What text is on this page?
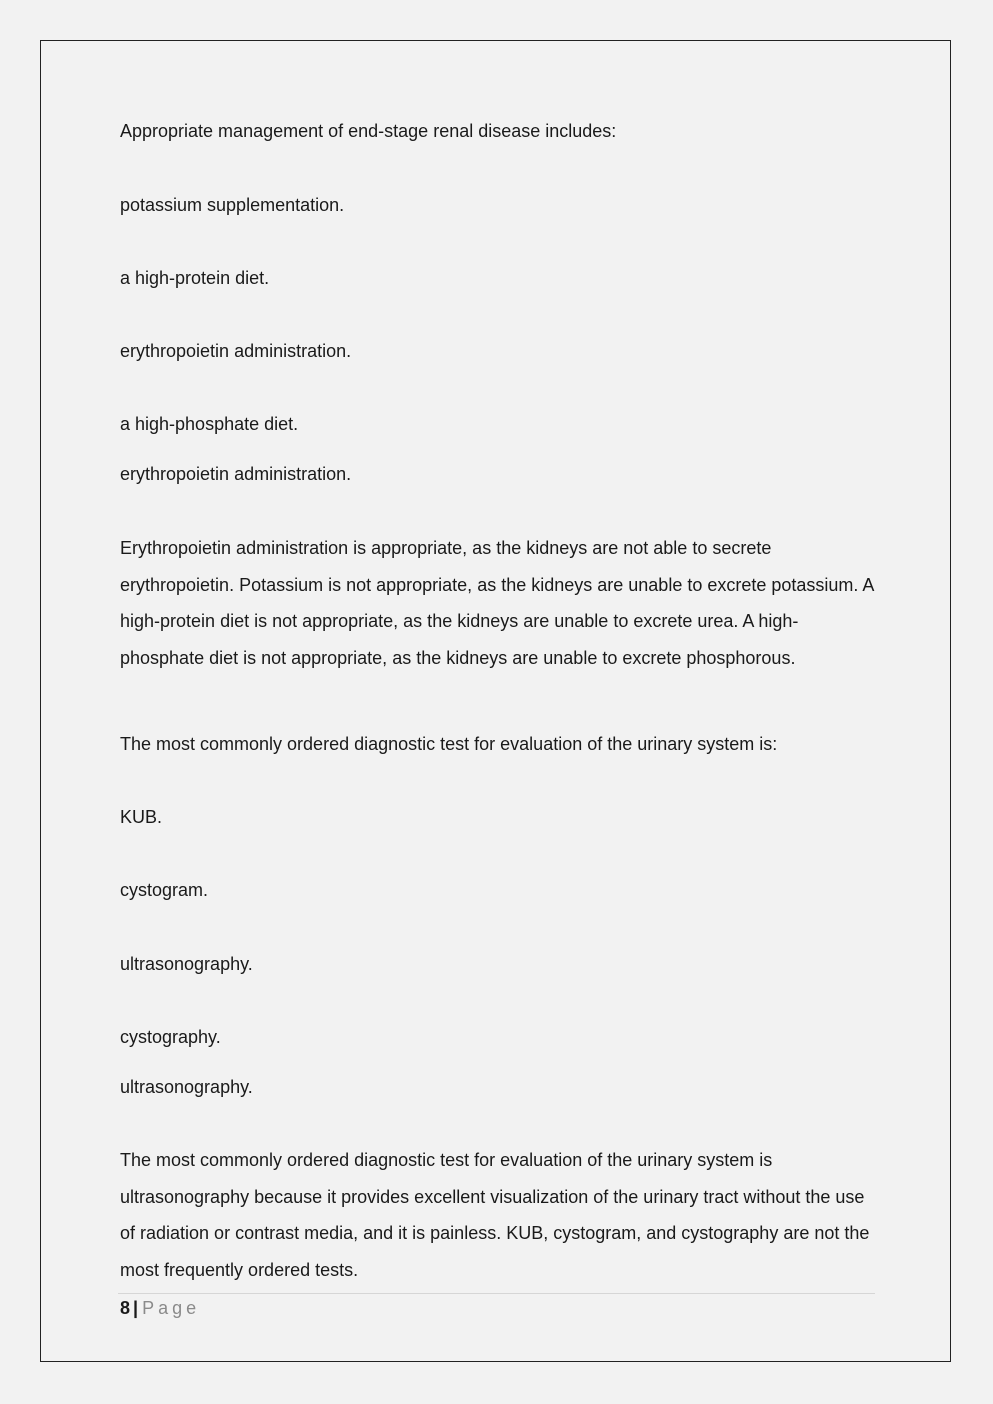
Appropriate management of end-stage renal disease includes:
potassium supplementation.
a high-protein diet.
erythropoietin administration.
a high-phosphate diet.
erythropoietin administration.

Erythropoietin administration is appropriate, as the kidneys are not able to secrete erythropoietin. Potassium is not appropriate, as the kidneys are unable to excrete potassium. A high-protein diet is not appropriate, as the kidneys are unable to excrete urea. A high-phosphate diet is not appropriate, as the kidneys are unable to excrete phosphorous.

The most commonly ordered diagnostic test for evaluation of the urinary system is:
KUB.
cystogram.
ultrasonography.
cystography.
ultrasonography.

The most commonly ordered diagnostic test for evaluation of the urinary system is ultrasonography because it provides excellent visualization of the urinary tract without the use of radiation or contrast media, and it is painless. KUB, cystogram, and cystography are not the most frequently ordered tests.

8 | Page
